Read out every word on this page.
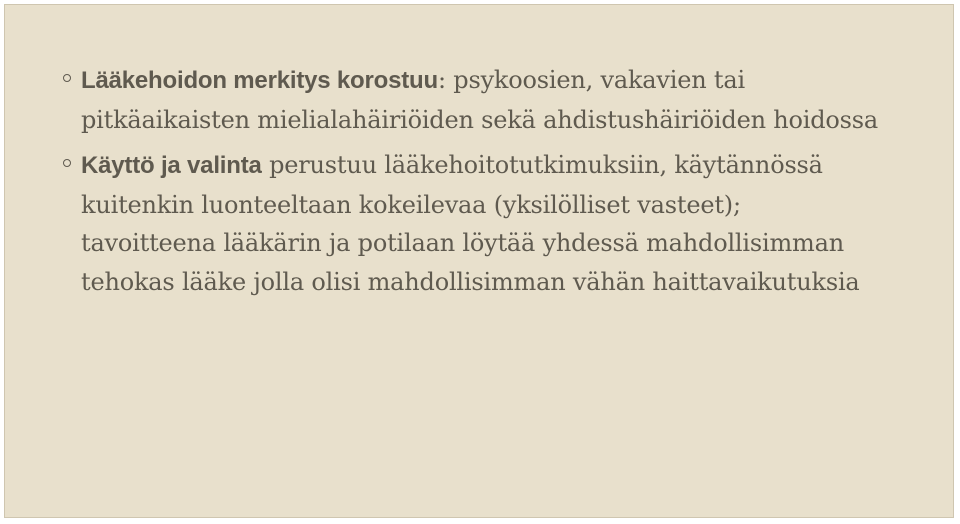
Lääkehoidon merkitys korostuu: psykoosien, vakavien tai pitkäaikaisten mielialahäiriöiden sekä ahdistushäiriöiden hoidossa
Käyttö ja valinta perustuu lääkehoitotutkimuksiin, käytännössä kuitenkin luonteeltaan kokeilevaa (yksilölliset vasteet); tavoitteena lääkärin ja potilaan löytää yhdessä mahdollisimman tehokas lääke jolla olisi mahdollisimman vähän haittavaikutuksia
